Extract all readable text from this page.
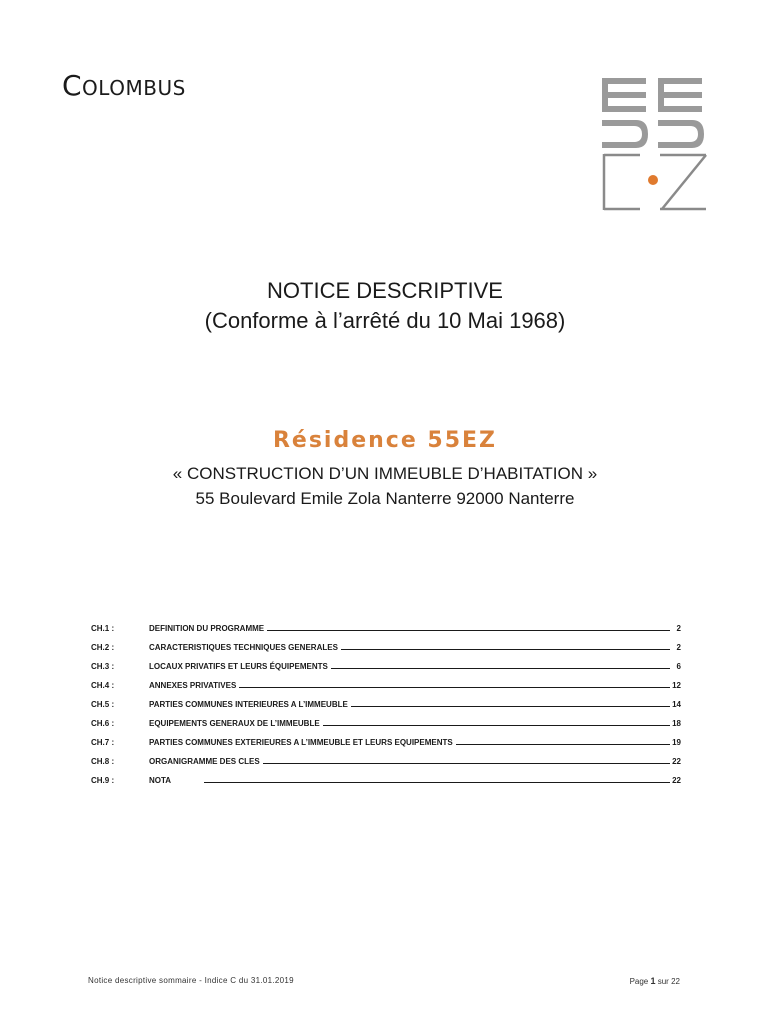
Colombus
NOTICE DESCRIPTIVE
(Conforme à l’arrêté du 10 Mai 1968)
Résidence 55EZ
« CONSTRUCTION D’UN IMMEUBLE D’HABITATION »
55 Boulevard Emile Zola Nanterre 92000 Nanterre
CH.1 :	DEFINITION DU PROGRAMME	2
CH.2 :	CARACTERISTIQUES TECHNIQUES GENERALES	2
CH.3 :	LOCAUX PRIVATIFS ET LEURS ÉQUIPEMENTS	6
CH.4 :	ANNEXES PRIVATIVES	12
CH.5 :	PARTIES COMMUNES INTERIEURES A L’IMMEUBLE	14
CH.6 :	EQUIPEMENTS GENERAUX DE L’IMMEUBLE	18
CH.7 :	PARTIES COMMUNES EXTERIEURES A L’IMMEUBLE ET LEURS EQUIPEMENTS	19
CH.8 :	ORGANIGRAMME DES CLES	22
CH.9 :	NOTA	22
Notice descriptive sommaire - Indice C du 31.01.2019	Page 1 sur 22
